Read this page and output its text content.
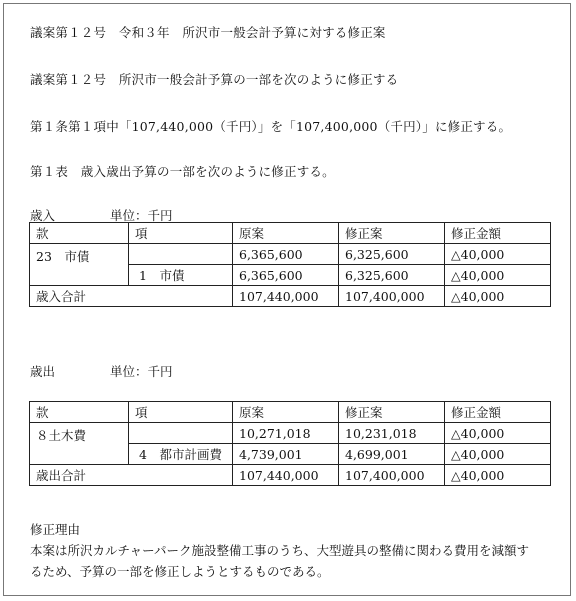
議案第１２号　令和３年　所沢市一般会計予算に対する修正案
議案第１２号　所沢市一般会計予算の一部を次のように修正する
第１条第１項中「107,440,000（千円）」を「107,400,000（千円）」に修正する。
第１表　歳入歳出予算の一部を次のように修正する。
歳入	単位：千円
款	項	原案	修正案	修正金額
23　市債		6,365,600	6,325,600	△40,000
	1　市債	6,365,600	6,325,600	△40,000
歳入合計		107,440,000	107,400,000	△40,000
歳出	単位：千円
款	項	原案	修正案	修正金額
８土木費		10,271,018	10,231,018	△40,000
	4　都市計画費	4,739,001	4,699,001	△40,000
歳出合計		107,440,000	107,400,000	△40,000
修正理由
本案は所沢カルチャーパーク施設整備工事のうち、大型遊具の整備に関わる費用を減額す
るため、予算の一部を修正しようとするものである。
